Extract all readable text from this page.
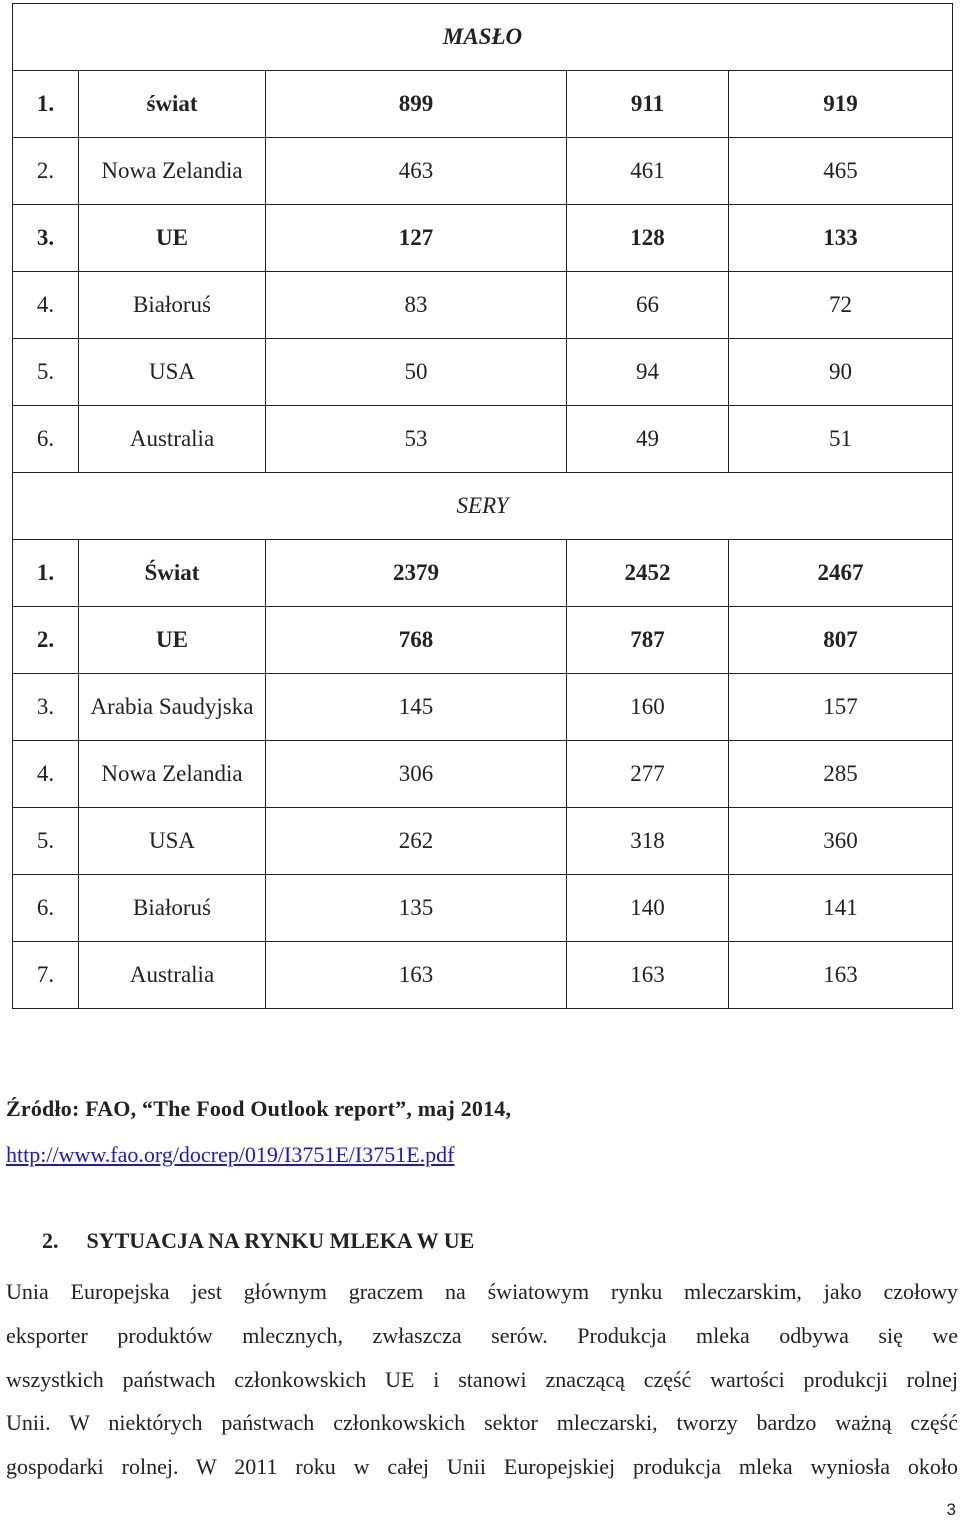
MASŁO				
1.	świat	899	911	919
2.	Nowa Zelandia	463	461	465
3.	UE	127	128	133
4.	Białoruś	83	66	72
5.	USA	50	94	90
6.	Australia	53	49	51
SERY				
1.	Świat	2379	2452	2467
2.	UE	768	787	807
3.	Arabia Saudyjska	145	160	157
4.	Nowa Zelandia	306	277	285
5.	USA	262	318	360
6.	Białoruś	135	140	141
7.	Australia	163	163	163
Źródło: FAO, “The Food Outlook report”, maj 2014,
http://www.fao.org/docrep/019/I3751E/I3751E.pdf
2. SYTUACJA NA RYNKU MLEKA W UE
Unia Europejska jest głównym graczem na światowym rynku mleczarskim, jako czołowy
eksporter produktów mlecznych, zwłaszcza serów. Produkcja mleka odbywa się we
wszystkich państwach członkowskich UE i stanowi znaczącą część wartości produkcji rolnej
Unii. W niektórych państwach członkowskich sektor mleczarski, tworzy bardzo ważną część
gospodarki rolnej. W 2011 roku w całej Unii Europejskiej produkcja mleka wyniosła około
3
